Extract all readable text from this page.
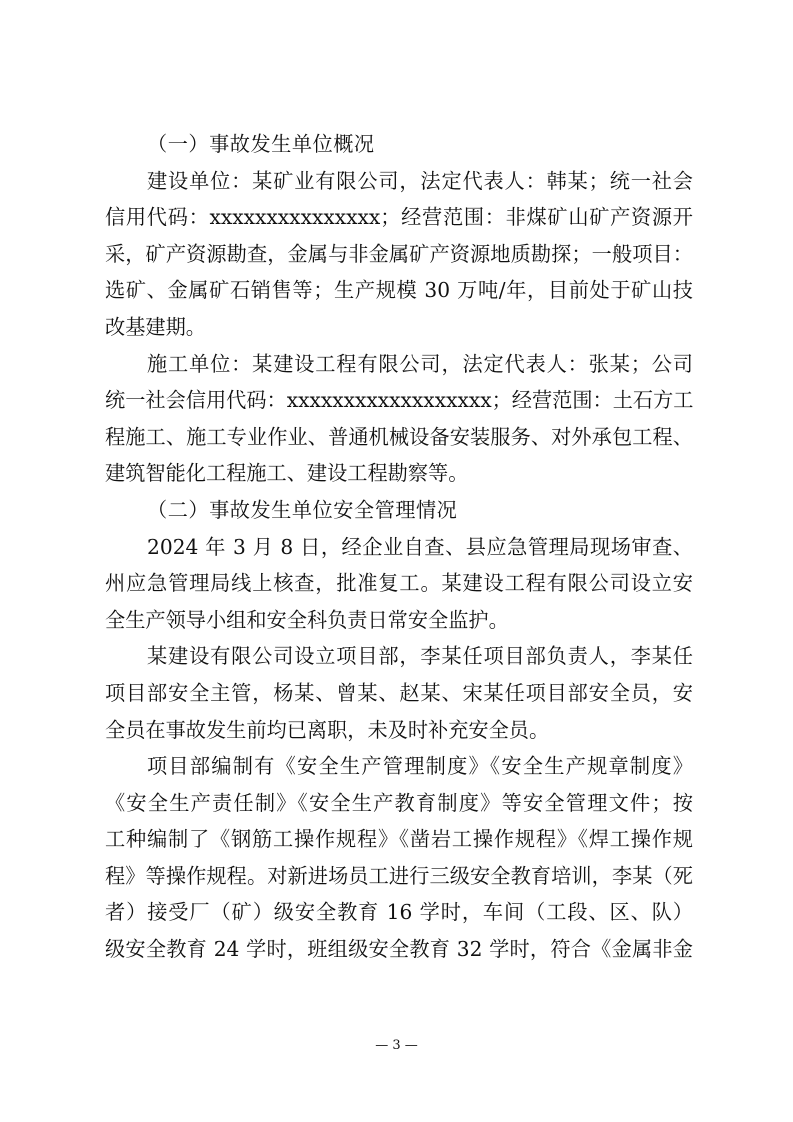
（一）事故发生单位概况
建设单位：某矿业有限公司，法定代表人：韩某；统一社会
信用代码：xxxxxxxxxxxxxxx；经营范围：非煤矿山矿产资源开
采，矿产资源勘查，金属与非金属矿产资源地质勘探；一般项目：
选矿、金属矿石销售等；生产规模 30 万吨/年，目前处于矿山技
改基建期。
施工单位：某建设工程有限公司，法定代表人：张某；公司
统一社会信用代码：xxxxxxxxxxxxxxxxxx；经营范围：土石方工
程施工、施工专业作业、普通机械设备安装服务、对外承包工程、
建筑智能化工程施工、建设工程勘察等。
（二）事故发生单位安全管理情况
2024 年 3 月 8 日，经企业自查、县应急管理局现场审查、
州应急管理局线上核查，批准复工。某建设工程有限公司设立安
全生产领导小组和安全科负责日常安全监护。
某建设有限公司设立项目部，李某任项目部负责人，李某任
项目部安全主管，杨某、曾某、赵某、宋某任项目部安全员，安
全员在事故发生前均已离职，未及时补充安全员。
项目部编制有《安全生产管理制度》《安全生产规章制度》
《安全生产责任制》《安全生产教育制度》等安全管理文件；按
工种编制了《钢筋工操作规程》《凿岩工操作规程》《焊工操作规
程》等操作规程。对新进场员工进行三级安全教育培训，李某（死
者）接受厂（矿）级安全教育 16 学时，车间（工段、区、队）
级安全教育 24 学时，班组级安全教育 32 学时，符合《金属非金
— 3 —
